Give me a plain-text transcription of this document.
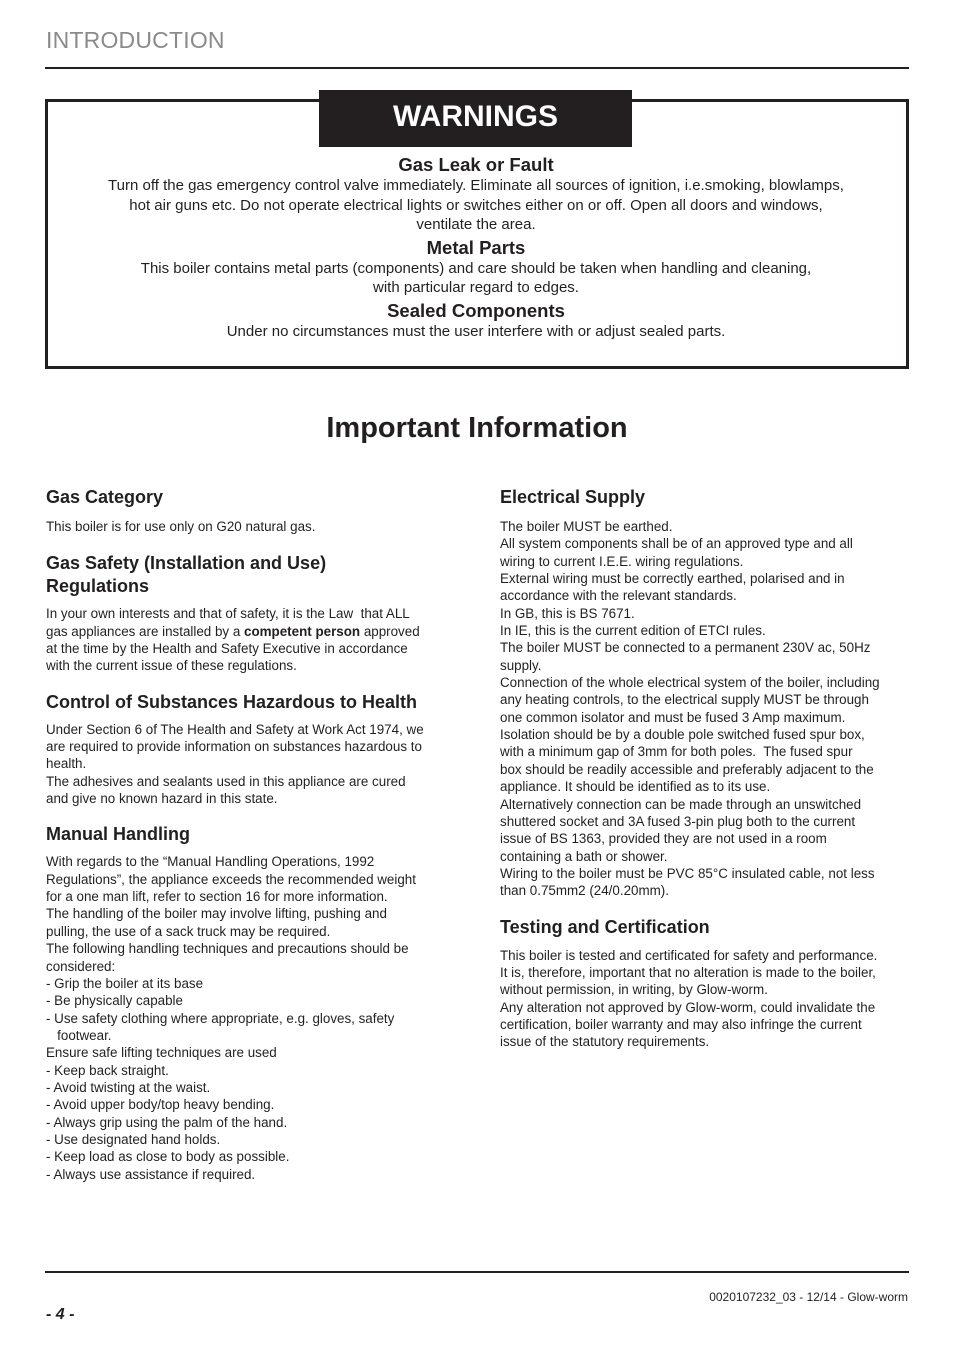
INTRODUCTION
WARNINGS

Gas Leak or Fault

Turn off the gas emergency control valve immediately. Eliminate all sources of ignition, i.e.smoking, blowlamps,

hot air guns etc. Do not operate electrical lights or switches either on or off. Open all doors and windows,

ventilate the area.

Metal Parts

This boiler contains metal parts (components) and care should be taken when handling and cleaning,

with particular regard to edges.

Sealed Components

Under no circumstances must the user interfere with or adjust sealed parts.

Important Information

Gas Category

This boiler is for use only on G20 natural gas.

Gas Safety (Installation and Use)
Regulations

In your own interests and that of safety, it is the Law  that ALL
gas appliances are installed by a competent person approved
at the time by the Health and Safety Executive in accordance
with the current issue of these regulations.

Control of Substances Hazardous to Health

Under Section 6 of The Health and Safety at Work Act 1974, we
are required to provide information on substances hazardous to
health.
The adhesives and sealants used in this appliance are cured
and give no known hazard in this state.

Manual Handling

With regards to the “Manual Handling Operations, 1992
Regulations”, the appliance exceeds the recommended weight
for a one man lift, refer to section 16 for more information.
The handling of the boiler may involve lifting, pushing and
pulling, the use of a sack truck may be required.
The following handling techniques and precautions should be
considered:
- Grip the boiler at its base
- Be physically capable
- Use safety clothing where appropriate, e.g. gloves, safety
footwear.
Ensure safe lifting techniques are used
- Keep back straight.
- Avoid twisting at the waist.
- Avoid upper body/top heavy bending.
- Always grip using the palm of the hand.
- Use designated hand holds.
- Keep load as close to body as possible.
- Always use assistance if required.

Electrical Supply

The boiler MUST be earthed.
All system components shall be of an approved type and all
wiring to current I.E.E. wiring regulations.
External wiring must be correctly earthed, polarised and in
accordance with the relevant standards.
In GB, this is BS 7671.
In IE, this is the current edition of ETCI rules.
The boiler MUST be connected to a permanent 230V ac, 50Hz
supply.
Connection of the whole electrical system of the boiler, including
any heating controls, to the electrical supply MUST be through
one common isolator and must be fused 3 Amp maximum.
Isolation should be by a double pole switched fused spur box,
with a minimum gap of 3mm for both poles.  The fused spur
box should be readily accessible and preferably adjacent to the
appliance. It should be identified as to its use.
Alternatively connection can be made through an unswitched
shuttered socket and 3A fused 3-pin plug both to the current
issue of BS 1363, provided they are not used in a room
containing a bath or shower.
Wiring to the boiler must be PVC 85°C insulated cable, not less
than 0.75mm2 (24/0.20mm).

Testing and Certification

This boiler is tested and certificated for safety and performance.
It is, therefore, important that no alteration is made to the boiler,
without permission, in writing, by Glow-worm.
Any alteration not approved by Glow-worm, could invalidate the
certification, boiler warranty and may also infringe the current
issue of the statutory requirements.

0020107232_03 - 12/14 - Glow-worm
- 4 -
